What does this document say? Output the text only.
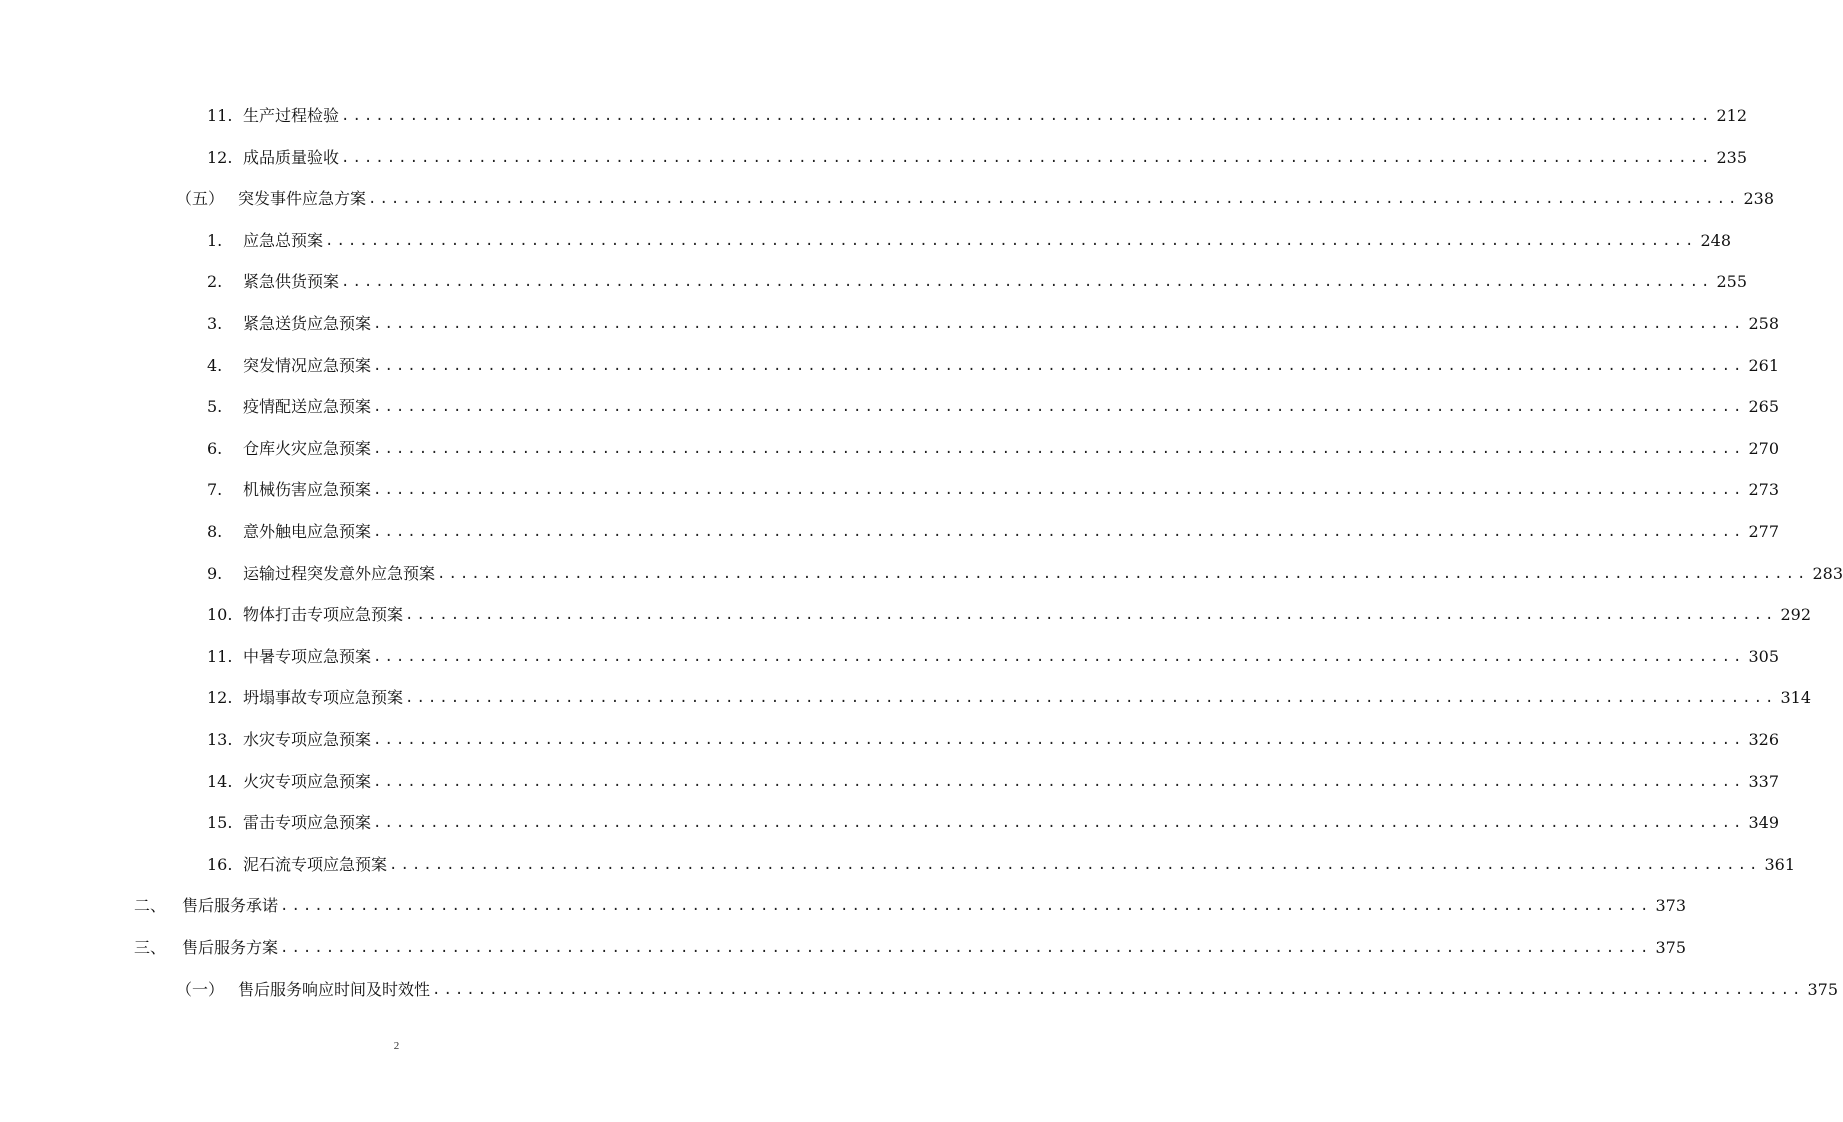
11. 生产过程检验 ........................................................................................................................ 212
12. 成品质量验收 ........................................................................................................................ 235
（五） 突发事件应急方案 ........................................................................................................................ 238
1.	应急总预案 ........................................................................................................................ 248
2.	紧急供货预案 ........................................................................................................................ 255
3.	紧急送货应急预案 ........................................................................................................................ 258
4.	突发情况应急预案 ........................................................................................................................ 261
5.	疫情配送应急预案 ........................................................................................................................ 265
6.	仓库火灾应急预案 ........................................................................................................................ 270
7.	机械伤害应急预案 ........................................................................................................................ 273
8.	意外触电应急预案 ........................................................................................................................ 277
9.	运输过程突发意外应急预案 ........................................................................................................................ 283
10. 物体打击专项应急预案 ........................................................................................................................ 292
11. 中暑专项应急预案 ........................................................................................................................ 305
12. 坍塌事故专项应急预案 ........................................................................................................................ 314
13. 水灾专项应急预案 ........................................................................................................................ 326
14. 火灾专项应急预案 ........................................................................................................................ 337
15. 雷击专项应急预案 ........................................................................................................................ 349
16. 泥石流专项应急预案 ........................................................................................................................ 361
二、 售后服务承诺 ........................................................................................................................ 373
三、 售后服务方案 ........................................................................................................................ 375
（一） 售后服务响应时间及时效性 ........................................................................................................................ 375
2
